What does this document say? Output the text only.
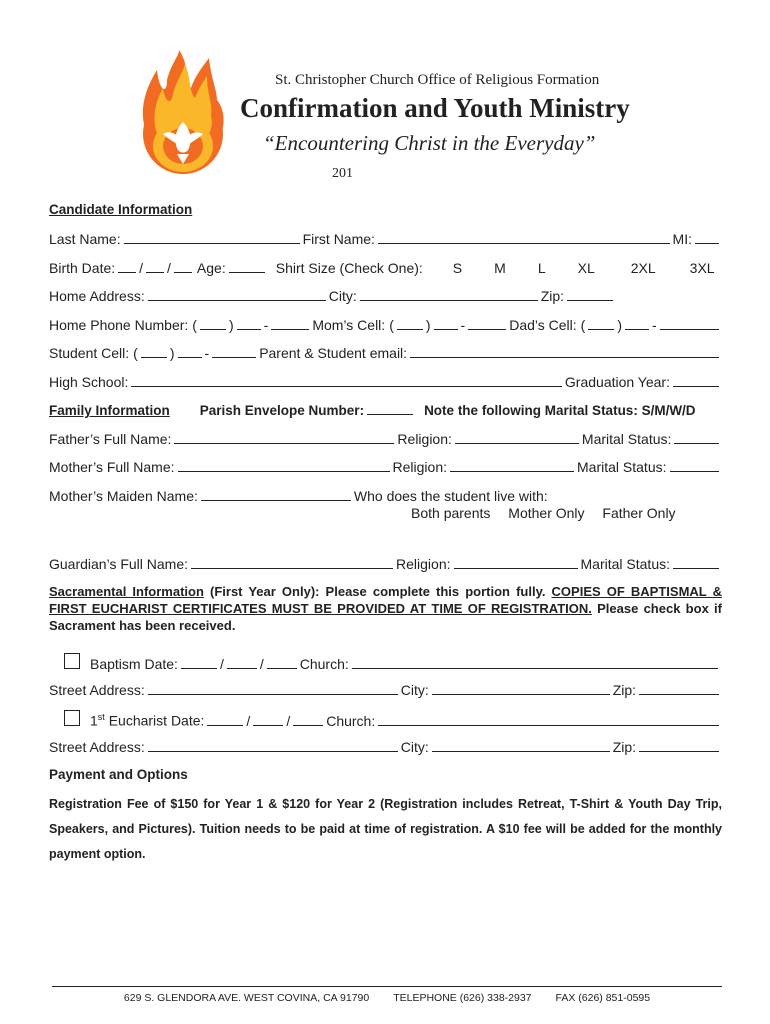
St. Christopher Church Office of Religious Formation
Confirmation and Youth Ministry
“Encountering Christ in the Everyday”
201
Candidate Information
Last Name:	First Name:	MI:
Birth Date: / / Age:	Shirt Size (Check One): S M L XL	2XL 3XL
Home Address:	City:	Zip:
Home Phone Number: ( ) -	Mom’s Cell: ( ) -	Dad’s Cell: ( ) -
Student Cell: ( ) -	Parent & Student email:
High School:	Graduation Year:
Family Information Parish Envelope Number:	Note the following Marital Status: S/M/W/D
Father’s Full Name:	Religion:	Marital Status:
Mother’s Full Name:	Religion:	Marital Status:
Mother’s Maiden Name:	Who does the student live with:
Both parents Mother Only Father Only
Guardian’s Full Name:	Religion:	Marital Status:
Sacramental Information (First Year Only): Please complete this portion fully. COPIES OF BAPTISMAL & FIRST EUCHARIST CERTIFICATES MUST BE PROVIDED AT TIME OF REGISTRATION. Please check box if Sacrament has been received.
Baptism Date:	/	/	Church:
Street Address:	City:	Zip:
1st Eucharist Date:	/	/	Church:
Street Address:	City:	Zip:
Payment and Options
Registration Fee of $150 for Year 1 & $120 for Year 2 (Registration includes Retreat, T-Shirt & Youth Day Trip, Speakers, and Pictures). Tuition needs to be paid at time of registration. A $10 fee will be added for the monthly payment option.
629 S. GLENDORA AVE. WEST COVINA, CA 91790 TELEPHONE (626) 338-2937 FAX (626) 851-0595
